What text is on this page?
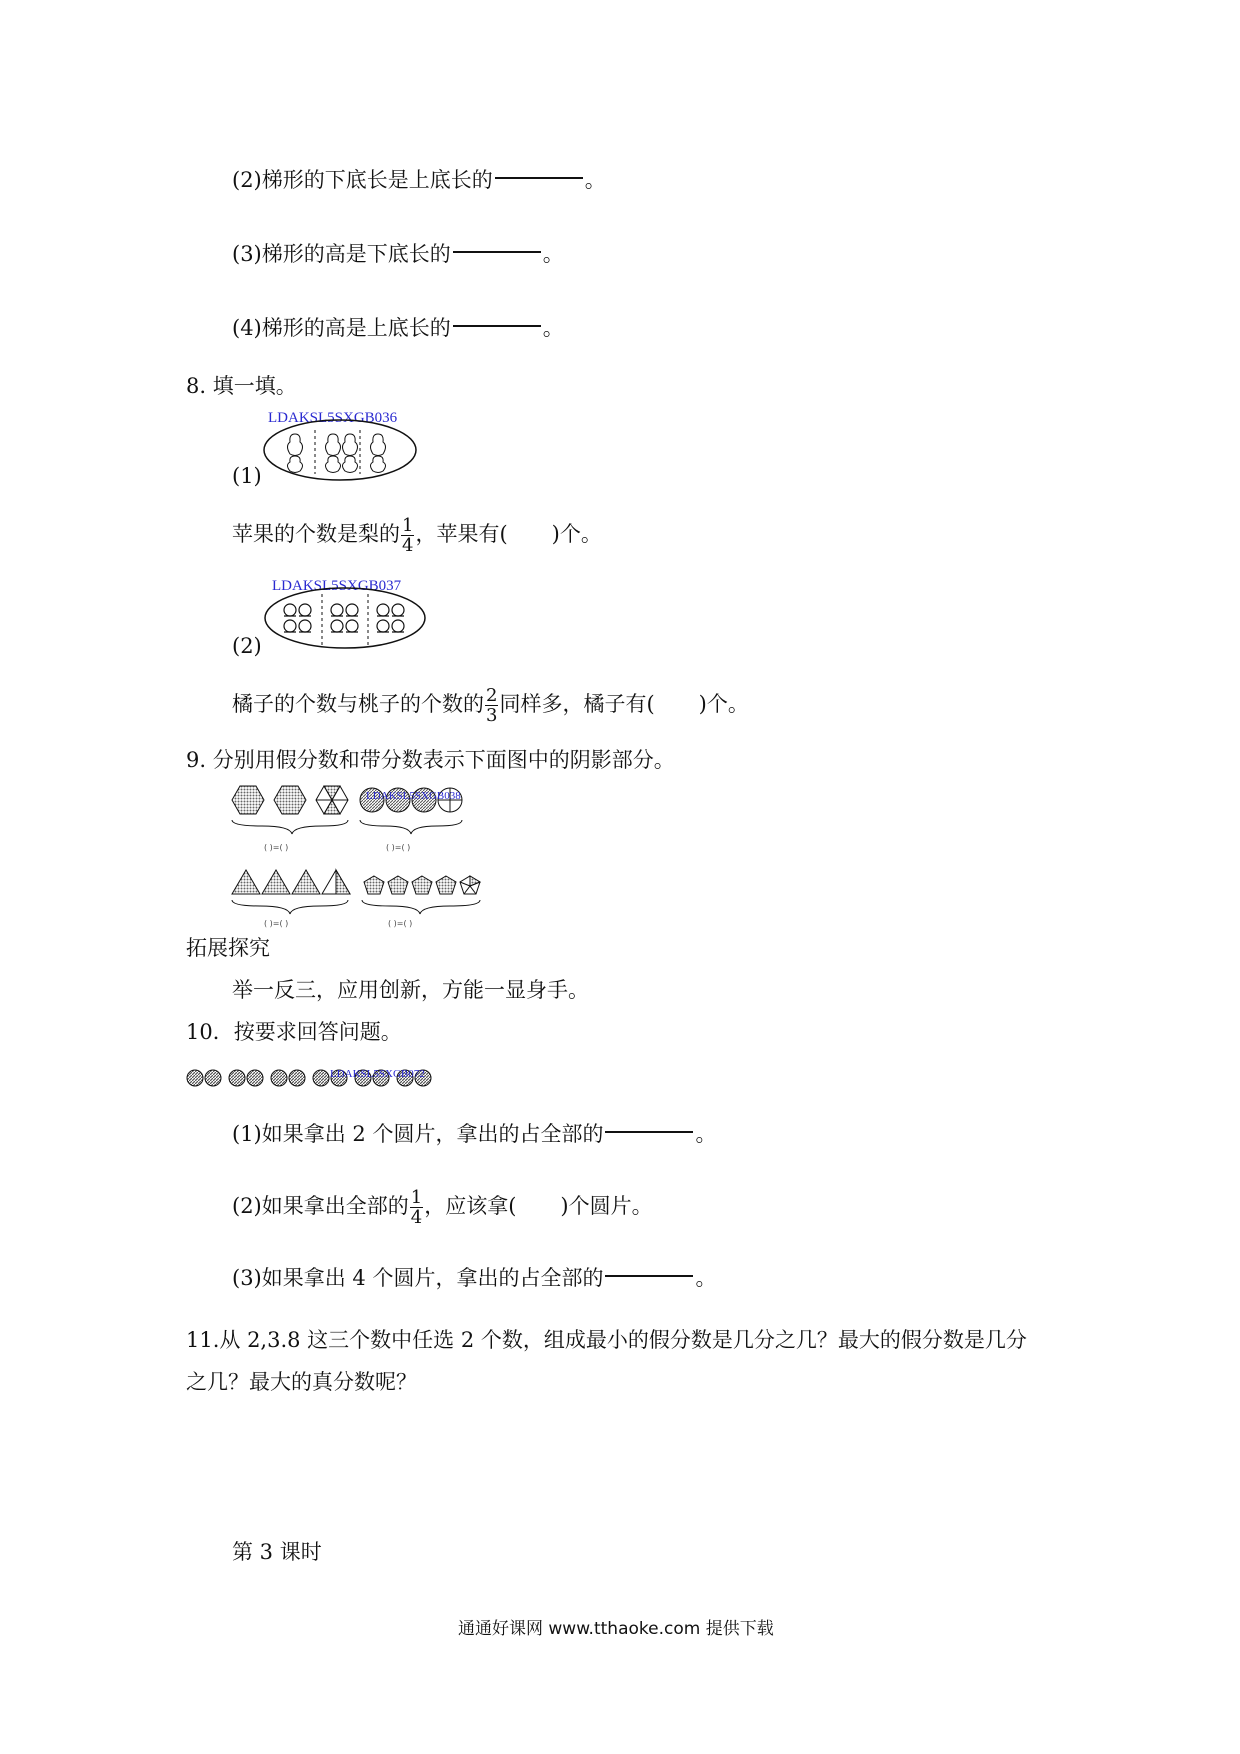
(2)梯形的下底长是上底长的	。
(3)梯形的高是下底长的	。
(4)梯形的高是上底长的	。
8. 填一填。
LDAKSL5SXGB036
(1)
苹果的个数是梨的 $\frac{1}{4}$ ，苹果有( )个。
LDAKSL5SXGB037
(2)
橘子的个数与桃子的个数的 $\frac{2}{3}$ 同样多，橘子有( )个。
9. 分别用假分数和带分数表示下面图中的阴影部分。
( )=( )	( )=( )
( )=( )	( )=( )
LDAKSL5SXGB038
拓展探究
举一反三，应用创新，方能一显身手。
10．按要求回答问题。
LDAKSL5SXGB072
(1)如果拿出 2 个圆片，拿出的占全部的	。
(2)如果拿出全部的 $\frac{1}{4}$ ，应该拿( )个圆片。
(3)如果拿出 4 个圆片，拿出的占全部的	。
11.从 2,3.8 这三个数中任选 2 个数，组成最小的假分数是几分之几？最大的假分数是几分
之几？最大的真分数呢？
第 3 课时
通通好课网 www.tthaoke.com 提供下载
